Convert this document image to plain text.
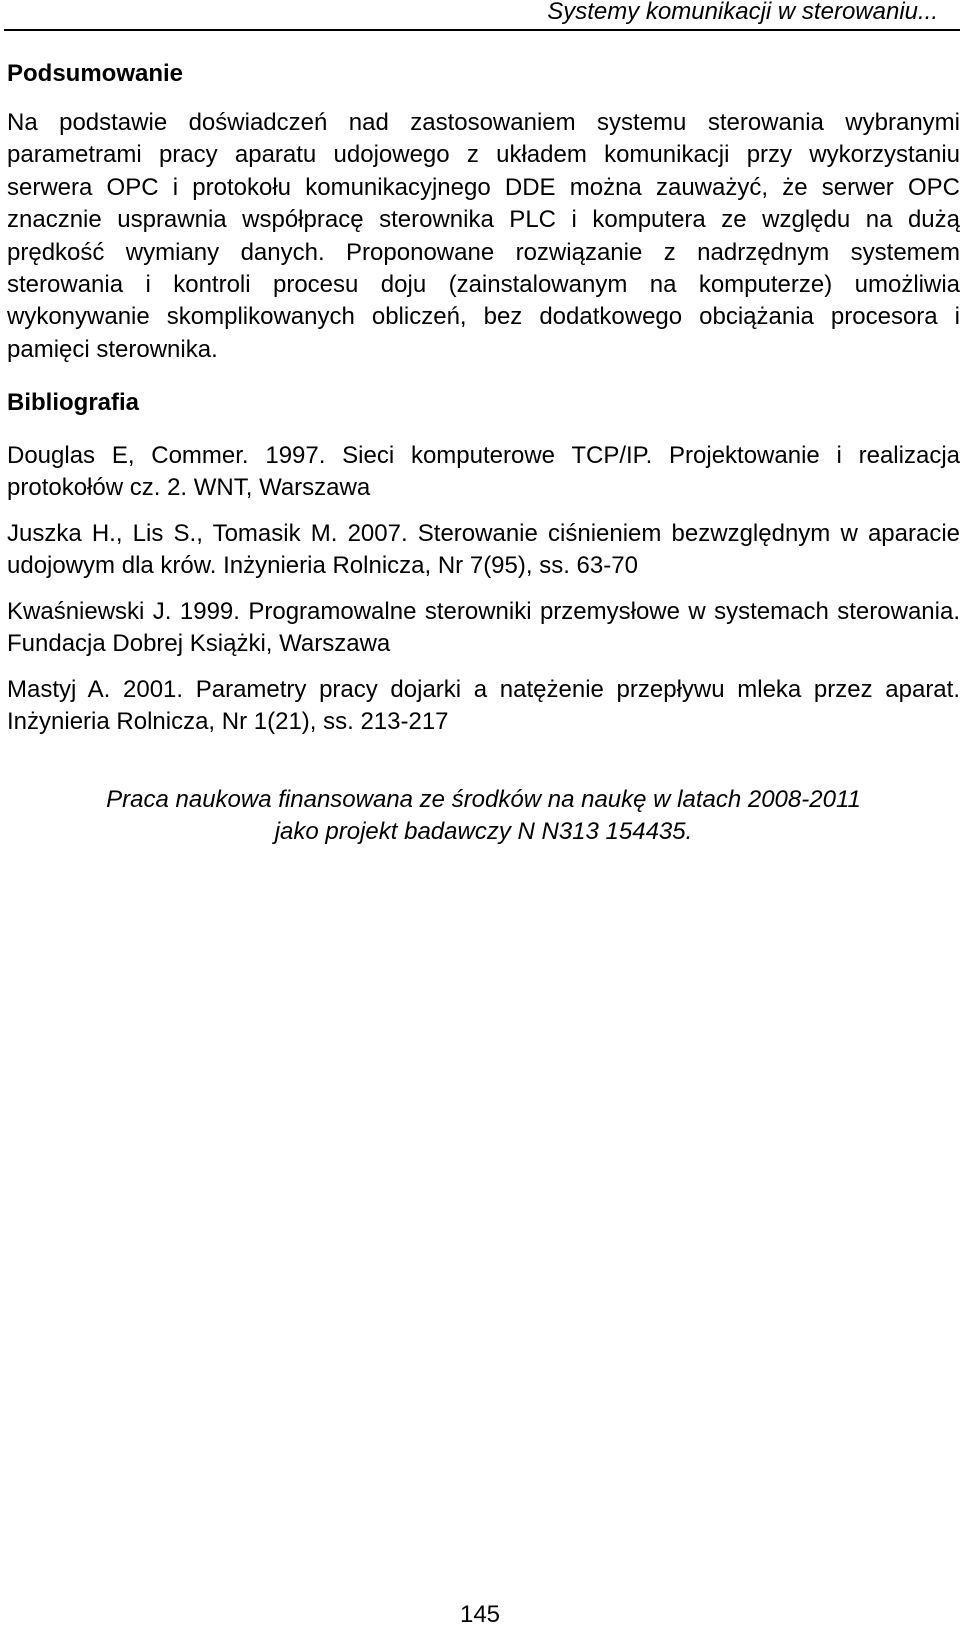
Systemy komunikacji w sterowaniu...
Podsumowanie

Na podstawie doświadczeń nad zastosowaniem systemu sterowania wybranymi parametrami pracy aparatu udojowego z układem komunikacji przy wykorzystaniu serwera OPC i protokołu komunikacyjnego DDE można zauważyć, że serwer OPC znacznie usprawnia współpracę sterownika PLC i komputera ze względu na dużą prędkość wymiany danych. Proponowane rozwiązanie z nadrzędnym systemem sterowania i kontroli procesu doju (zainstalowanym na komputerze) umożliwia wykonywanie skomplikowanych obliczeń, bez dodatkowego obciążania procesora i pamięci sterownika.

Bibliografia

Douglas E, Commer. 1997. Sieci komputerowe TCP/IP. Projektowanie i realizacja protokołów cz. 2. WNT, Warszawa

Juszka H., Lis S., Tomasik M. 2007. Sterowanie ciśnieniem bezwzględnym w aparacie udojowym dla krów. Inżynieria Rolnicza, Nr 7(95), ss. 63-70

Kwaśniewski J. 1999. Programowalne sterowniki przemysłowe w systemach sterowania. Fundacja Dobrej Książki, Warszawa

Mastyj A. 2001. Parametry pracy dojarki a natężenie przepływu mleka przez aparat. Inżynieria Rolnicza, Nr 1(21), ss. 213-217

Praca naukowa finansowana ze środków na naukę w latach 2008-2011
jako projekt badawczy N N313 154435.
145
